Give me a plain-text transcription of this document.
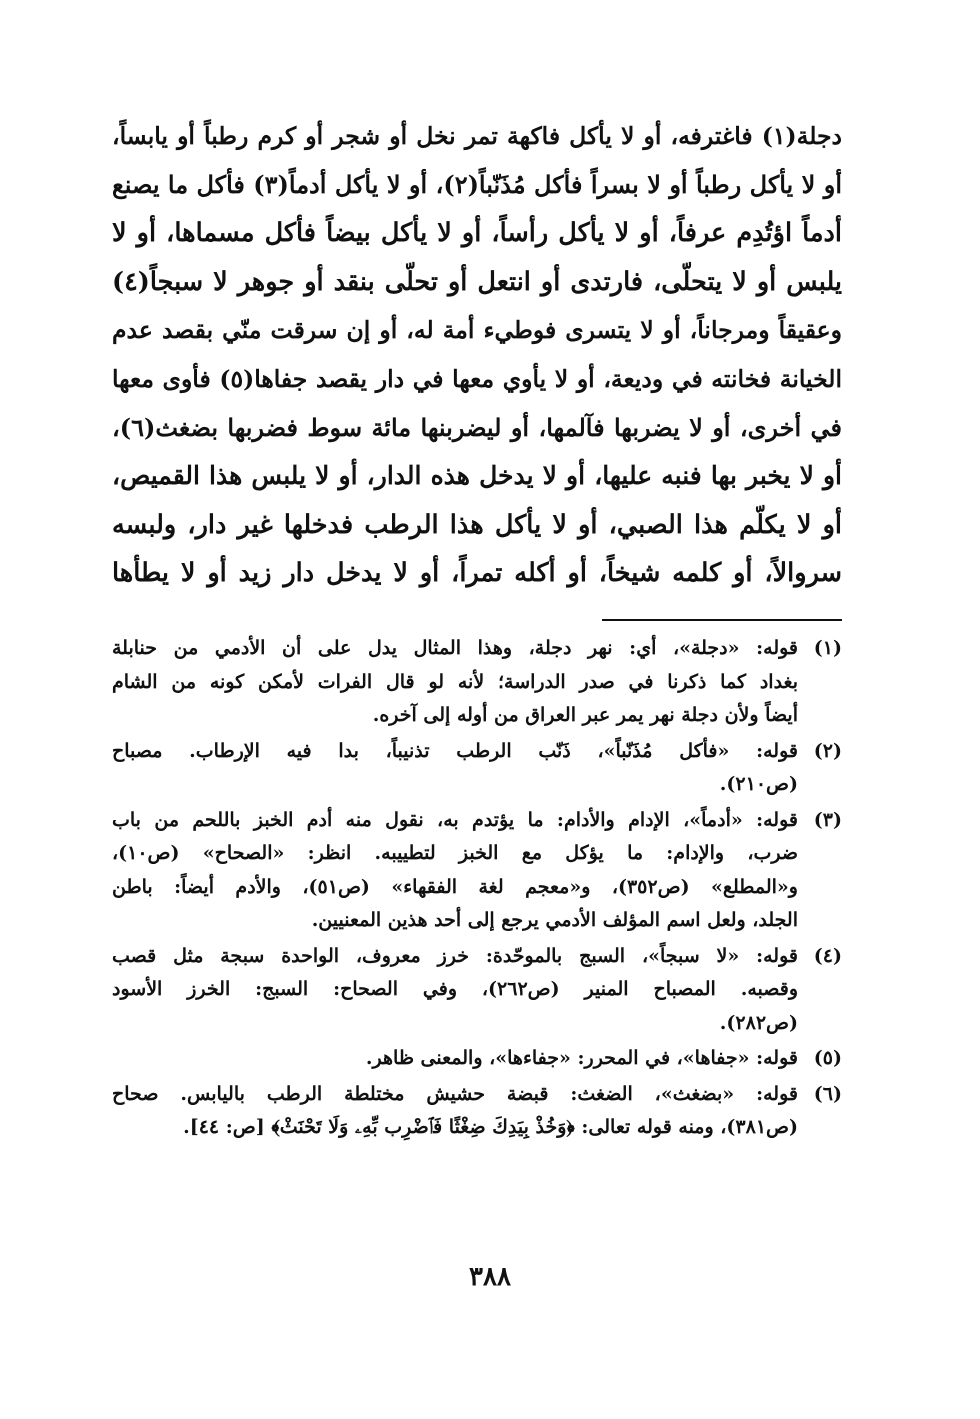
دجلة(١) فاغترفه، أو لا يأكل فاكهة تمر نخل أو شجر أو كرم رطباً أو يابساً،
أو لا يأكل رطباً أو لا بسراً فأكل مُذَنّباً(٢)، أو لا يأكل أدماً(٣) فأكل ما يصنع
أدماً اؤتُدِم عرفاً، أو لا يأكل رأساً، أو لا يأكل بيضاً فأكل مسماها، أو لا
يلبس أو لا يتحلّى، فارتدى أو انتعل أو تحلّى بنقد أو جوهر لا سبجاً(٤)
وعقيقاً ومرجاناً، أو لا يتسرى فوطيء أمة له، أو إن سرقت منّي بقصد عدم
الخيانة فخانته في وديعة، أو لا يأوي معها في دار يقصد جفاها(٥) فأوى معها
في أخرى، أو لا يضربها فآلمها، أو ليضربنها مائة سوط فضربها بضغث(٦)،
أو لا يخبر بها فنبه عليها، أو لا يدخل هذه الدار، أو لا يلبس هذا القميص،
أو لا يكلّم هذا الصبي، أو لا يأكل هذا الرطب فدخلها غير دار، ولبسه
سروالاً، أو كلمه شيخاً، أو أكله تمراً، أو لا يدخل دار زيد أو لا يطأها
(١)
قوله: «دجلة»، أي: نهر دجلة، وهذا المثال يدل على أن الأدمي من حنابلة
بغداد كما ذكرنا في صدر الدراسة؛ لأنه لو قال الفرات لأمكن كونه من الشام
أيضاً ولأن دجلة نهر يمر عبر العراق من أوله إلى آخره.
(٢)
قوله: «فأكل مُذَنّباً»، ذَنّب الرطب تذنيباً، بدا فيه الإرطاب. مصباح
(ص٢١٠).
(٣)
قوله: «أدماً»، الإدام والأدام: ما يؤتدم به، نقول منه أدم الخبز باللحم من باب
ضرب، والإدام: ما يؤكل مع الخبز لتطييبه. انظر: «الصحاح» (ص١٠)،
و«المطلع» (ص٣٥٢)، و«معجم لغة الفقهاء» (ص٥١)، والأدم أيضاً: باطن
الجلد، ولعل اسم المؤلف الأدمي يرجع إلى أحد هذين المعنيين.
(٤)
قوله: «لا سبجاً»، السبج بالموحّدة: خرز معروف، الواحدة سبجة مثل قصب
وقصبه. المصباح المنير (ص٢٦٢)، وفي الصحاح: السبج: الخرز الأسود
(ص٢٨٢).
(٥)
قوله: «جفاها»، في المحرر: «جفاءها»، والمعنى ظاهر.
(٦)
قوله: «بضغث»، الضغث: قبضة حشيش مختلطة الرطب باليابس. صحاح
(ص٣٨١)، ومنه قوله تعالى: ﴿وَخُذْ بِيَدِكَ ضِغْثًا فَٱضْرِب بِّهِۦ وَلَا تَحْنَثْ﴾ [ص: ٤٤].
٣٨٨
